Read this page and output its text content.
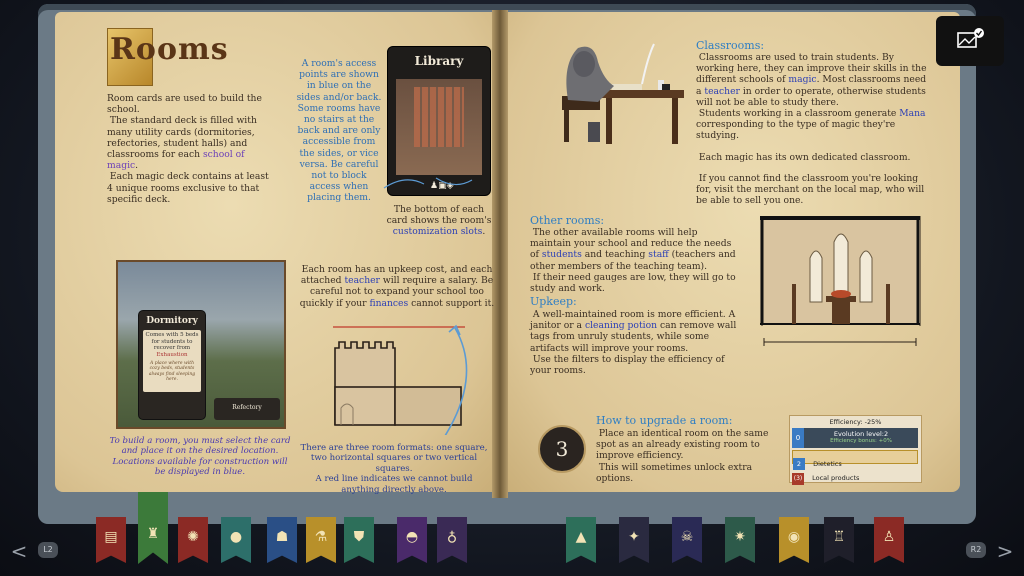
Rooms
Room cards are used to build the school.
The standard deck is filled with many utility cards (dormitories, refectories, student halls) and classrooms for each school of magic.
Each magic deck contains at least 4 unique rooms exclusive to that specific deck.
A room's access points are shown in blue on the sides and/or back. Some rooms have no stairs at the back and are only accessible from the sides, or vice versa. Be careful not to block access when placing them.
Library
♟▣◈
The bottom of each card shows the room's customization slots.
Dormitory
Comes with 5 beds for students to recover from
Exhaustion
A place where with cozy beds, students always find sleeping here.
Refectory
To build a room, you must select the card and place it on the desired location. Locations available for construction will be displayed in blue.
Each room has an upkeep cost, and each attached teacher will require a salary. Be careful not to expand your school too quickly if your finances cannot support it.
There are three room formats: one square, two horizontal squares or two vertical squares.
A red line indicates we cannot build anything directly above.
Classrooms:
Classrooms are used to train students. By working here, they can improve their skills in the different schools of magic. Most classrooms need a teacher in order to operate, otherwise students will not be able to study there.
Students working in a classroom generate Mana corresponding to the type of magic they're studying.
Each magic has its own dedicated classroom.
If you cannot find the classroom you're looking for, visit the merchant on the local map, who will be able to sell you one.
Other rooms:
The other available rooms will help maintain your school and reduce the needs of students and teaching staff (teachers and other members of the teaching team).
If their need gauges are low, they will go to study and work.
Upkeep:
A well-maintained room is more efficient. A janitor or a cleaning potion can remove wall tags from unruly students, while some artifacts will improve your rooms.
Use the filters to display the efficiency of your rooms.
3
How to upgrade a room:
Place an identical room on the same spot as an already existing room to improve efficiency.
This will sometimes unlock extra options.
Efficiency: -25%
0	Evolution level:2
Efficiency bonus: +0%
2 Dietetics
(3) Local products
<	L2	R2 >
▤	♜	✺	●	☗	⚗	⛊	◓	♁	▲	✦	☠	✷	◉	♖	♙
